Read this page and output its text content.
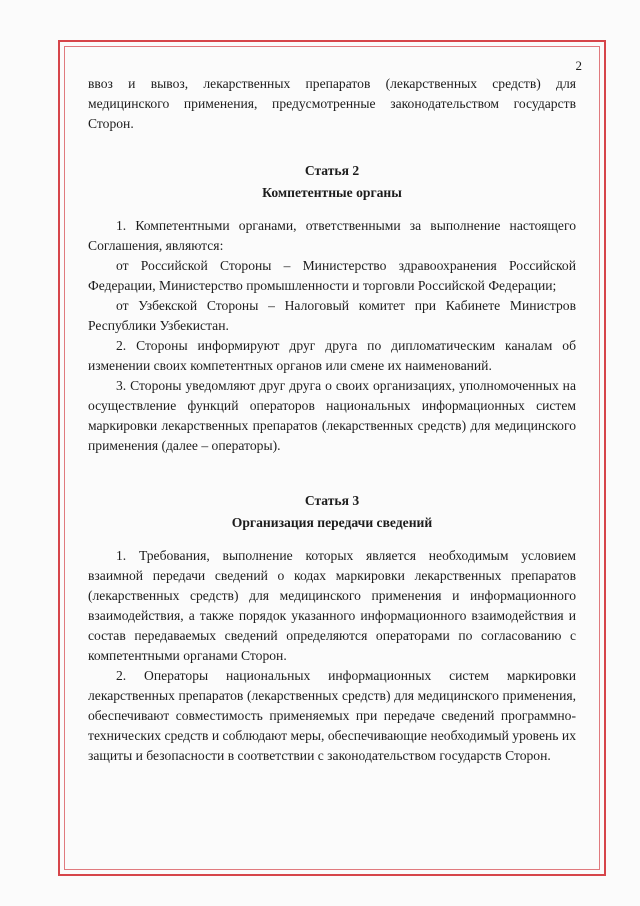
2

ввоз и вывоз, лекарственных препаратов (лекарственных средств) для медицинского применения, предусмотренные законодательством государств Сторон.

Статья 2
Компетентные органы

1. Компетентными органами, ответственными за выполнение настоящего Соглашения, являются:

от Российской Стороны – Министерство здравоохранения Российской Федерации, Министерство промышленности и торговли Российской Федерации;

от Узбекской Стороны – Налоговый комитет при Кабинете Министров Республики Узбекистан.

2. Стороны информируют друг друга по дипломатическим каналам об изменении своих компетентных органов или смене их наименований.

3. Стороны уведомляют друг друга о своих организациях, уполномоченных на осуществление функций операторов национальных информационных систем маркировки лекарственных препаратов (лекарственных средств) для медицинского применения (далее – операторы).

Статья 3
Организация передачи сведений

1. Требования, выполнение которых является необходимым условием взаимной передачи сведений о кодах маркировки лекарственных препаратов (лекарственных средств) для медицинского применения и информационного взаимодействия, а также порядок указанного информационного взаимодействия и состав передаваемых сведений определяются операторами по согласованию с компетентными органами Сторон.

2. Операторы национальных информационных систем маркировки лекарственных препаратов (лекарственных средств) для медицинского применения, обеспечивают совместимость применяемых при передаче сведений программно-технических средств и соблюдают меры, обеспечивающие необходимый уровень их защиты и безопасности в соответствии с законодательством государств Сторон.
